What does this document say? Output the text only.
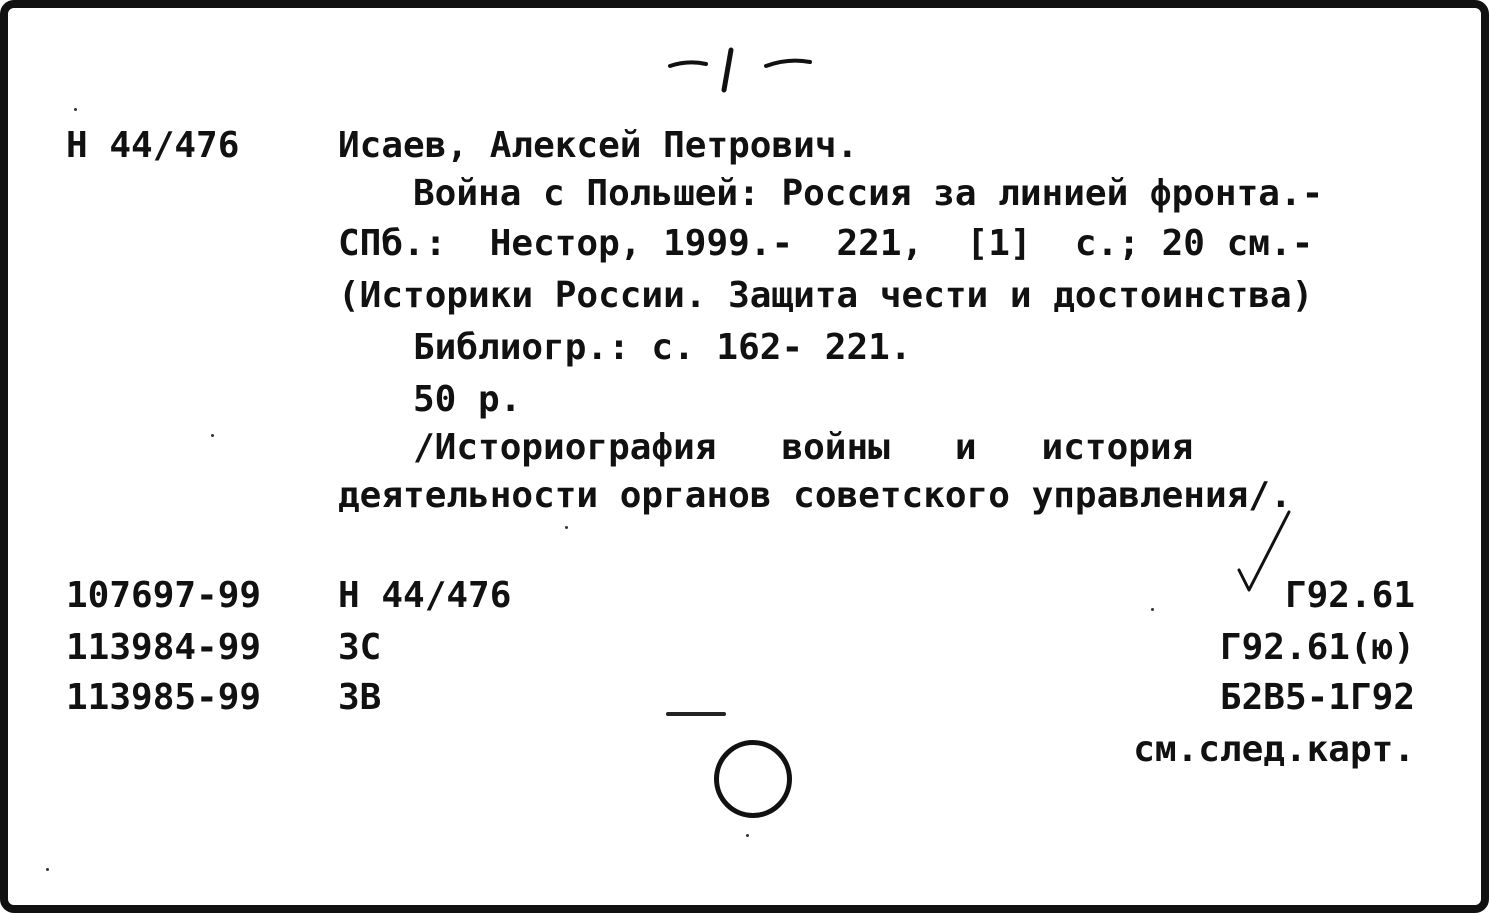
Н 44/476	Исаев, Алексей Петрович.
Война с Польшей: Россия за линией фронта.-
СПб.:  Нестор, 1999.-  221,  [1]  с.; 20 см.-
(Историки России. Защита чести и достоинства)
Библиогр.: с. 162- 221.
50 р.
/Историография   войны   и   история
деятельности органов советского управления/.
107697-99 Н 44/476
113984-99 ЗС
113985-99 ЗВ
Г92.61
Г92.61(ю)
Б2В5-1Г92
см.след.карт.
